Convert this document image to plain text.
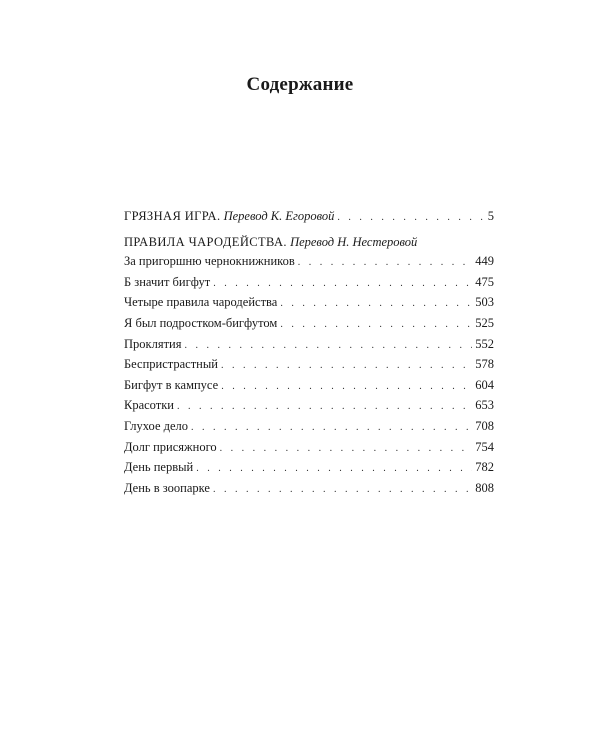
Содержание
ГРЯЗНАЯ ИГРА. Перевод К. Егоровой . . .	5
ПРАВИЛА ЧАРОДЕЙСТВА. Перевод Н. Нестеровой
За пригоршню чернокнижников . . .	449
Б значит бигфут . . .	475
Четыре правила чародейства . . .	503
Я был подростком-бигфутом . . .	525
Проклятия . . .	552
Беспристрастный . . .	578
Бигфут в кампусе . . .	604
Красотки . . .	653
Глухое дело . . .	708
Долг присяжного . . .	754
День первый . . .	782
День в зоопарке . . .	808
